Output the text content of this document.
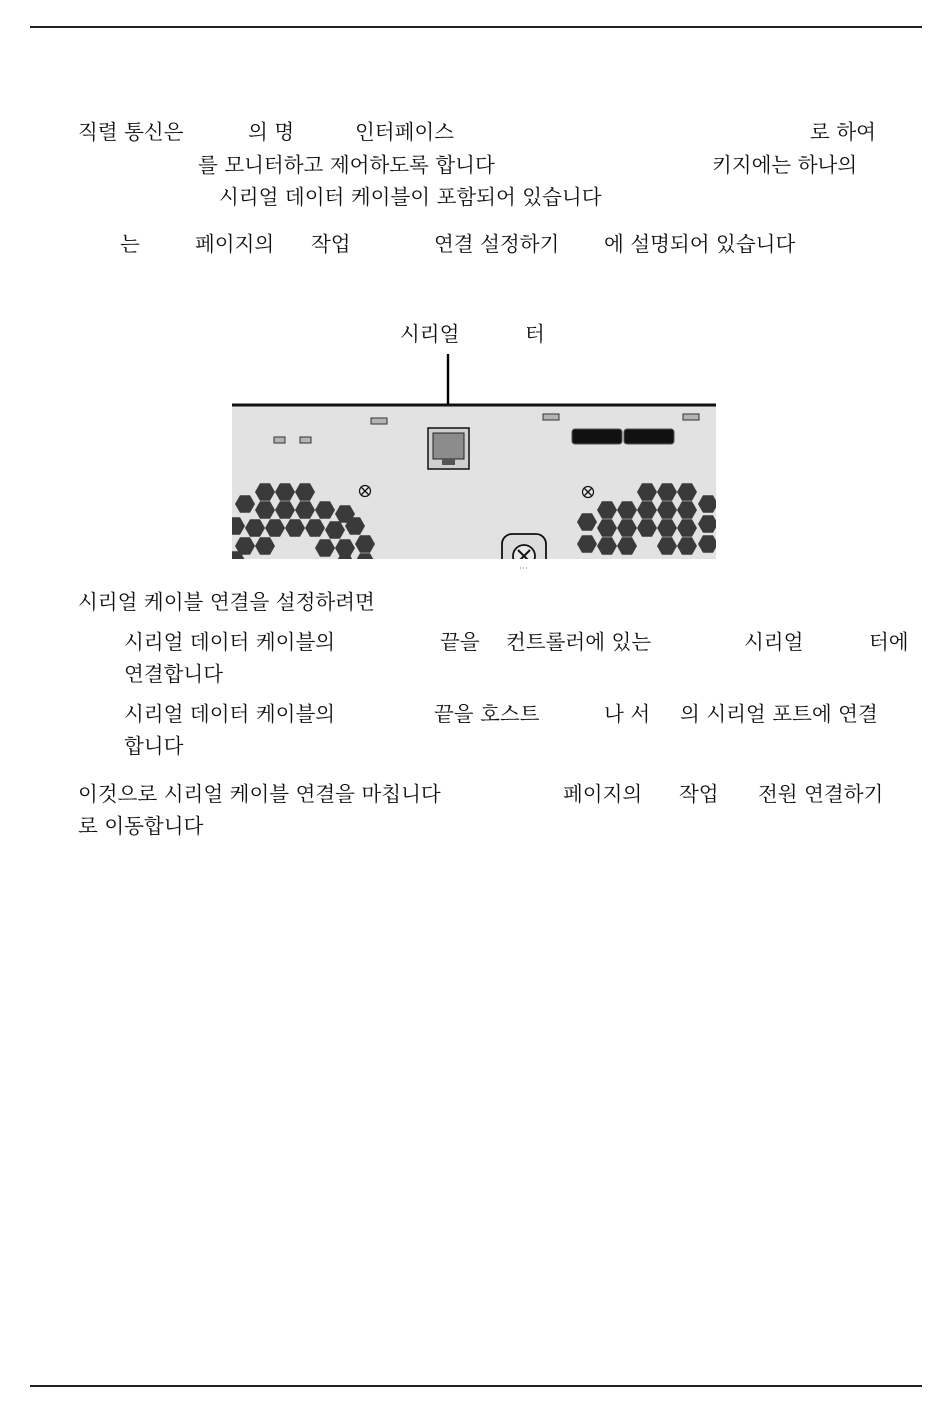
직렬 통신은	의 명	인터페이스	로 하여
를 모니터하고 제어하도록 합니다	키지에는 하나의
시리얼 데이터 케이블이 포함되어 있습니다
는	페이지의 작업	연결 설정하기 에 설명되어 있습니다
시리얼	터
시리얼 케이블 연결을 설정하려면
시리얼 데이터 케이블의	끝을 컨트롤러에 있는	시리얼	터에
연결합니다
시리얼 데이터 케이블의	끝을 호스트	나 서 의 시리얼 포트에 연결
합니다
이것으로 시리얼 케이블 연결을 마칩니다	페이지의 작업 전원 연결하기
로 이동합니다
